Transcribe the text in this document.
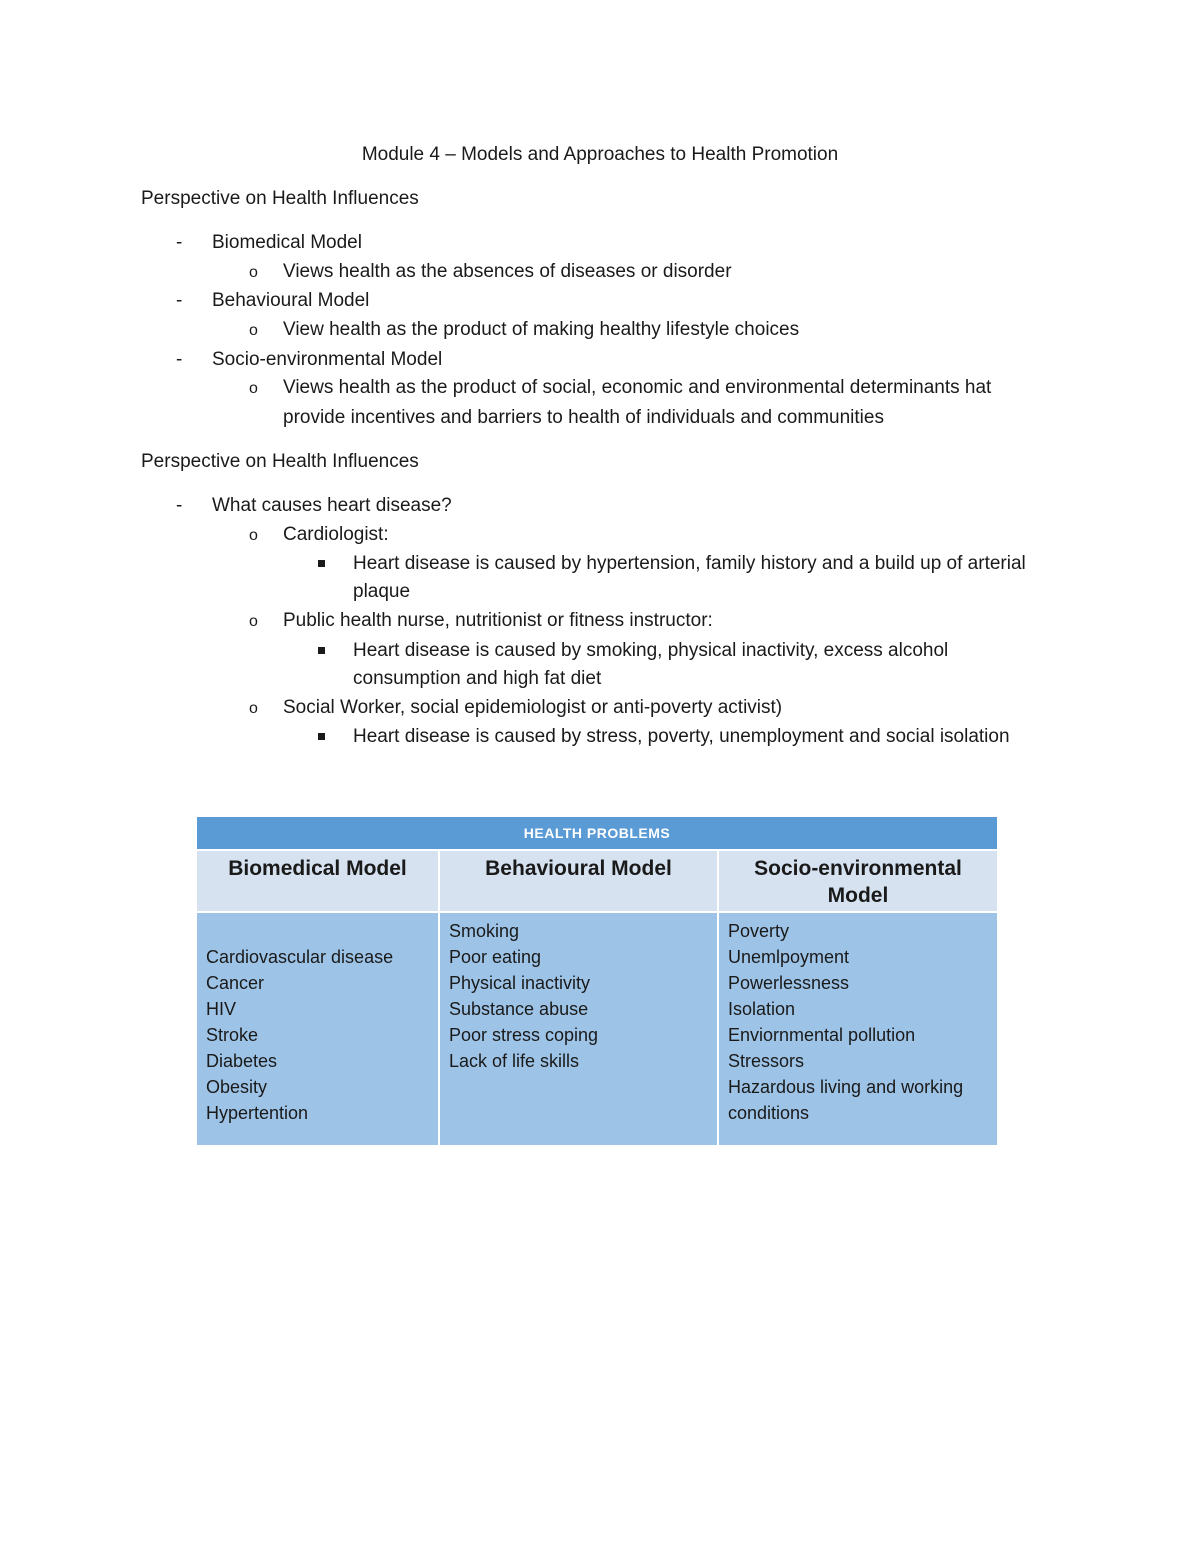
Module 4 – Models and Approaches to Health Promotion
Perspective on Health Influences
- Biomedical Model
o Views health as the absences of diseases or disorder
- Behavioural Model
o View health as the product of making healthy lifestyle choices
- Socio-environmental Model
o Views health as the product of social, economic and environmental determinants hat
provide incentives and barriers to health of individuals and communities
Perspective on Health Influences
- What causes heart disease?
o Cardiologist:
Heart disease is caused by hypertension, family history and a build up of arterial
plaque
o Public health nurse, nutritionist or fitness instructor:
Heart disease is caused by smoking, physical inactivity, excess alcohol
consumption and high fat diet
o Social Worker, social epidemiologist or anti-poverty activist)
Heart disease is caused by stress, poverty, unemployment and social isolation
HEALTH PROBLEMS
Biomedical Model	Behavioural Model	Socio-environmental
Model

Cardiovascular disease
Cancer
HIV
Stroke
Diabetes
Obesity
Hypertention
Smoking
Poor eating
Physical inactivity
Substance abuse
Poor stress coping
Lack of life skills
Poverty
Unemlpoyment
Powerlessness
Isolation
Enviornmental pollution
Stressors
Hazardous living and working
conditions
